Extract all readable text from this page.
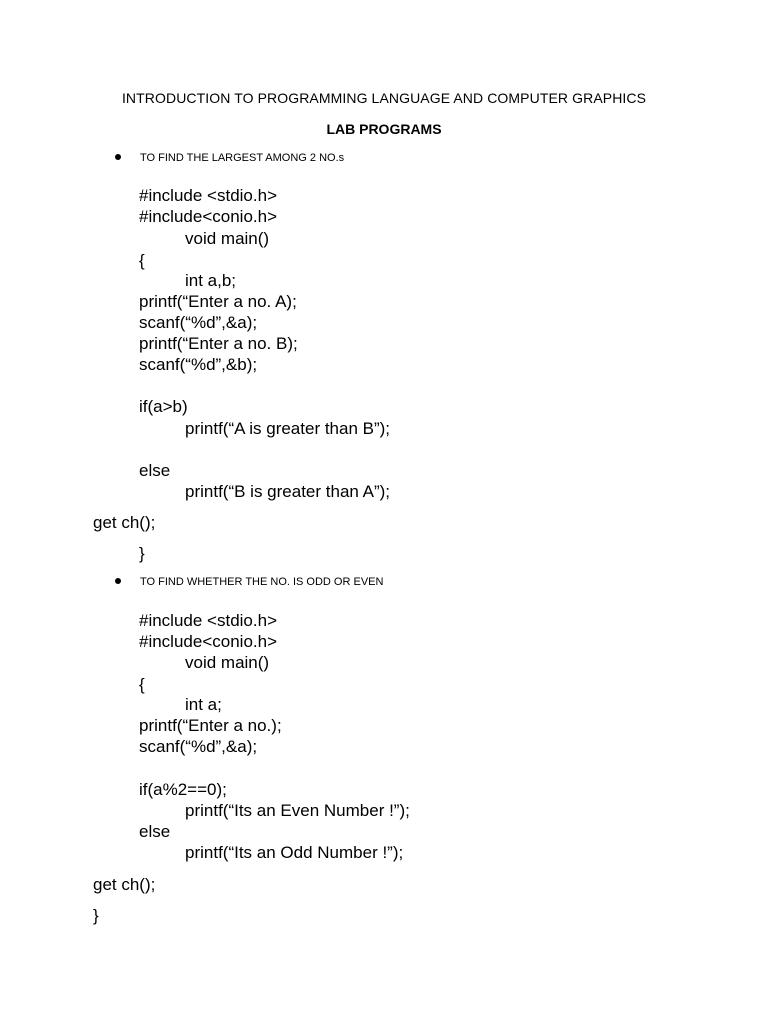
INTRODUCTION TO PROGRAMMING LANGUAGE AND COMPUTER GRAPHICS
LAB PROGRAMS
TO FIND THE LARGEST AMONG 2 NO.s
#include <stdio.h>
#include<conio.h>
void main()
{
int a,b;
printf(“Enter a no. A);
scanf(“%d”,&a);
printf(“Enter a no. B);
scanf(“%d”,&b);
if(a>b)
printf(“A is greater than B”);
else
printf(“B is greater than A”);
get ch();
}
TO FIND WHETHER THE NO. IS ODD OR EVEN
#include <stdio.h>
#include<conio.h>
void main()
{
int a;
printf(“Enter a no.);
scanf(“%d”,&a);
if(a%2==0);
printf(“Its an Even Number !”);
else
printf(“Its an Odd Number !”);
get ch();
}
